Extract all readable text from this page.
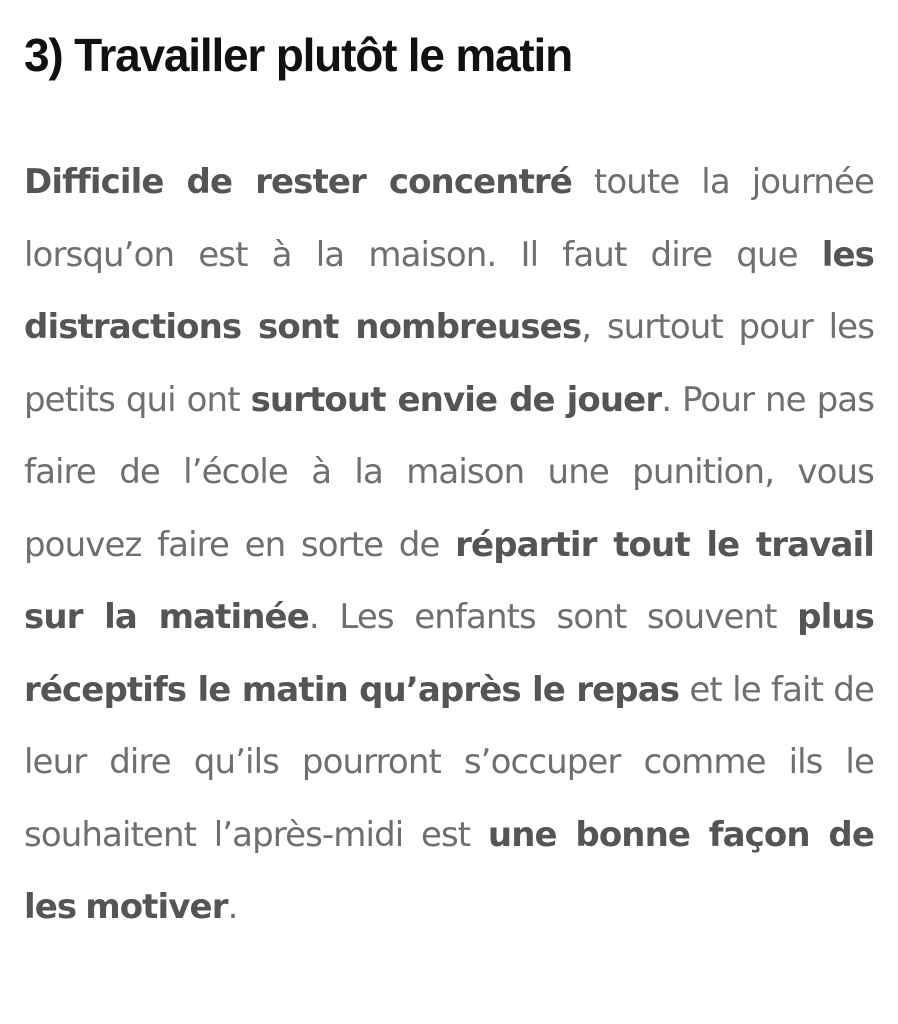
3) Travailler plutôt le matin

Difficile de rester concentré toute la journée lorsqu’on est à la maison. Il faut dire que les distractions sont nombreuses, surtout pour les petits qui ont surtout envie de jouer. Pour ne pas faire de l’école à la maison une punition, vous pouvez faire en sorte de répartir tout le travail sur la matinée. Les enfants sont souvent plus réceptifs le matin qu’après le repas et le fait de leur dire qu’ils pourront s’occuper comme ils le souhaitent l’après-midi est une bonne façon de les motiver.
